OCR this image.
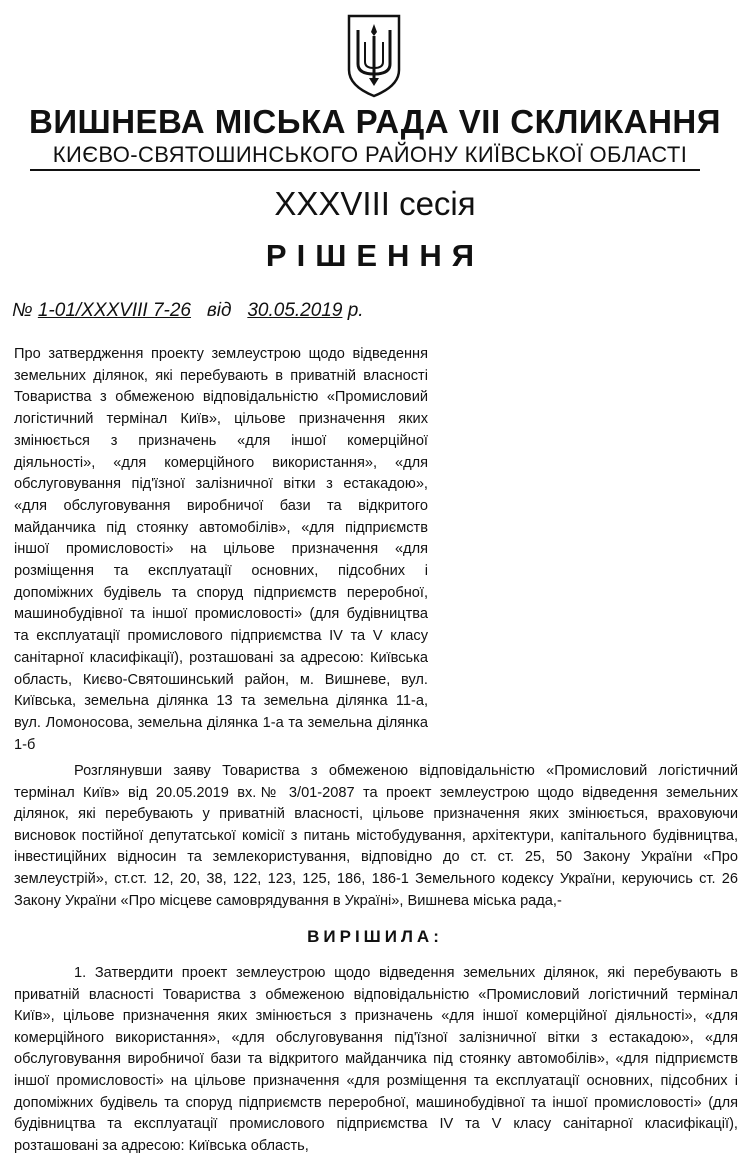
ВИШНЕВА МІСЬКА РАДА VII СКЛИКАННЯ
КИЄВО-СВЯТОШИНСЬКОГО РАЙОНУ КИЇВСЬКОЇ ОБЛАСТІ
XXXVIII сесія
РІШЕННЯ
№ 1-01/XXXVIII 7-26 від 30.05.2019 р.
Про затвердження проекту землеустрою щодо відведення земельних ділянок, які перебувають в приватній власності Товариства з обмеженою відповідальністю «Промисловий логістичний термінал Київ», цільове призначення яких змінюється з призначень «для іншої комерційної діяльності», «для комерційного використання», «для обслуговування під'їзної залізничної вітки з естакадою», «для обслуговування виробничої бази та відкритого майданчика під стоянку автомобілів», «для підприємств іншої промисловості» на цільове призначення «для розміщення та експлуатації основних, підсобних і допоміжних будівель та споруд підприємств переробної, машинобудівної та іншої промисловості» (для будівництва та експлуатації промислового підприємства IV та V класу санітарної класифікації), розташовані за адресою: Київська область, Києво-Святошинський район, м. Вишневе, вул. Київська, земельна ділянка 13 та земельна ділянка 11-а, вул. Ломоносова, земельна ділянка 1-а та земельна ділянка 1-б
Розглянувши заяву Товариства з обмеженою відповідальністю «Промисловий логістичний термінал Київ» від 20.05.2019 вх.№ 3/01-2087 та проект землеустрою щодо відведення земельних ділянок, які перебувають у приватній власності, цільове призначення яких змінюється, враховуючи висновок постійної депутатської комісії з питань містобудування, архітектури, капітального будівництва, інвестиційних відносин та землекористування, відповідно до ст. ст. 25, 50 Закону України «Про землеустрій», ст.ст. 12, 20, 38, 122, 123, 125, 186, 186-1 Земельного кодексу України, керуючись ст. 26 Закону України «Про місцеве самоврядування в Україні», Вишнева міська рада,-
ВИРІШИЛА:
1. Затвердити проект землеустрою щодо відведення земельних ділянок, які перебувають в приватній власності Товариства з обмеженою відповідальністю «Промисловий логістичний термінал Київ», цільове призначення яких змінюється з призначень «для іншої комерційної діяльності», «для комерційного використання», «для обслуговування під'їзної залізничної вітки з естакадою», «для обслуговування виробничої бази та відкритого майданчика під стоянку автомобілів», «для підприємств іншої промисловості» на цільове призначення «для розміщення та експлуатації основних, підсобних і допоміжних будівель та споруд підприємств переробної, машинобудівної та іншої промисловості» (для будівництва та експлуатації промислового підприємства IV та V класу санітарної класифікації), розташовані за адресою: Київська область,
